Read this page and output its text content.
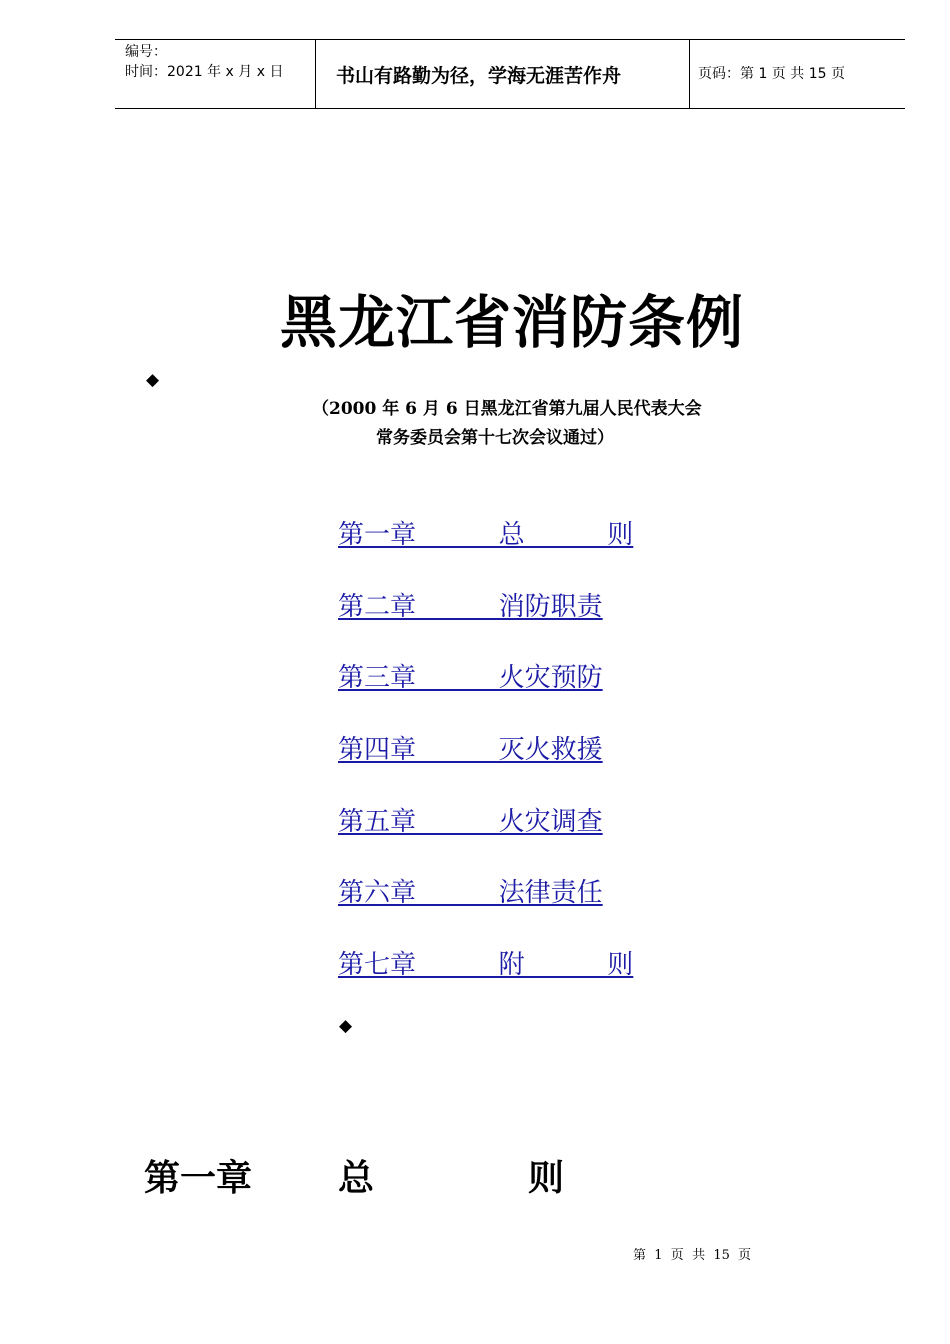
编号：
时间：2021 年 x 月 x 日	书山有路勤为径，学海无涯苦作舟	页码：第 1 页 共 15 页
黑龙江省消防条例
◆
（2000 年 6 月 6 日黑龙江省第九届人民代表大会
常务委员会第十七次会议通过）
第一章          总          则
第二章          消防职责
第三章          火灾预防
第四章          灭火救援
第五章          火灾调查
第六章          法律责任
第七章          附          则
◆
第一章 总	则
第  1  页  共  15  页
